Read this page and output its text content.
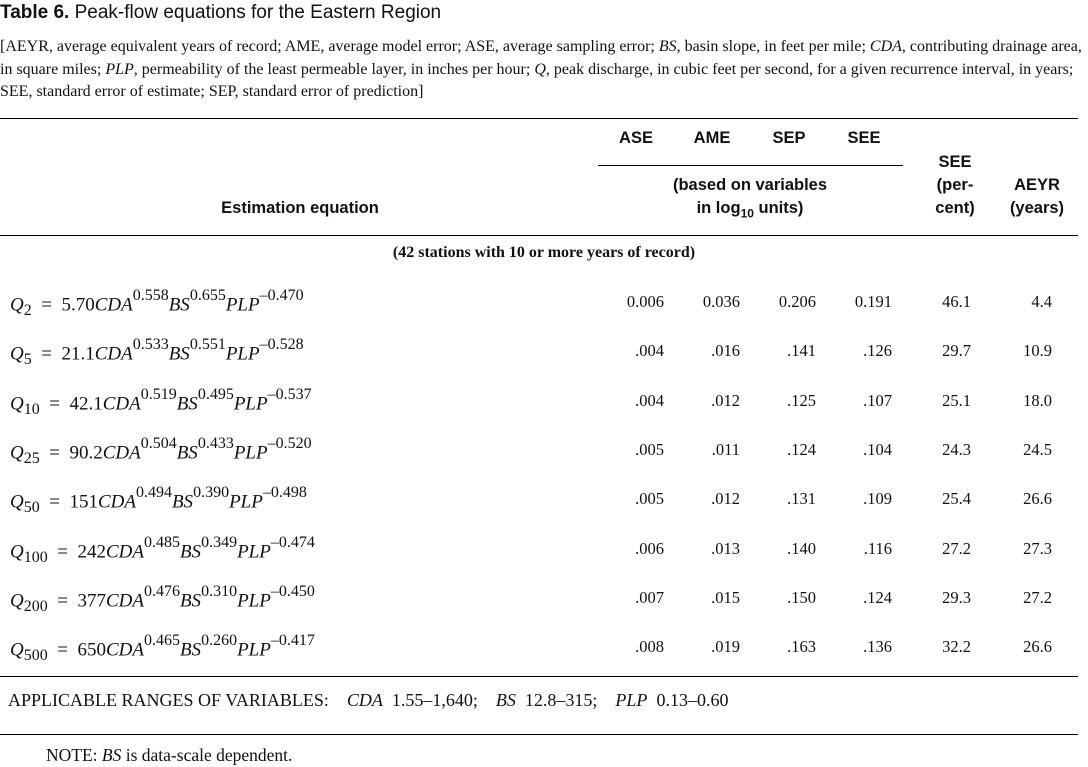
Table 6. Peak-flow equations for the Eastern Region
[AEYR, average equivalent years of record; AME, average model error; ASE, average sampling error; BS, basin slope, in feet per mile; CDA, contributing drainage area, in square miles; PLP, permeability of the least permeable layer, in inches per hour; Q, peak discharge, in cubic feet per second, for a given recurrence interval, in years; SEE, standard error of estimate; SEP, standard error of prediction]
Estimation equation
ASE	AME	SEP	SEE
(based on variables
in $\log_{10}$ units)
SEE
(per-
cent)
AEYR
(years)
(42 stations with 10 or more years of record)
$Q_2 = 5.70CDA^{0.558}BS^{0.655}PLP^{-0.470}$	0.006 0.036 0.206 0.191	46.1	4.4
$Q_5 = 21.1CDA^{0.533}BS^{0.551}PLP^{-0.528}$	.004	.016	.141	.126	29.7	10.9
$Q_{10} = 42.1CDA^{0.519}BS^{0.495}PLP^{-0.537}$	.004	.012	.125	.107	25.1	18.0
$Q_{25} = 90.2CDA^{0.504}BS^{0.433}PLP^{-0.520}$	.005	.011	.124	.104	24.3	24.5
$Q_{50} = 151CDA^{0.494}BS^{0.390}PLP^{-0.498}$	.005	.012	.131	.109	25.4	26.6
$Q_{100} = 242CDA^{0.485}BS^{0.349}PLP^{-0.474}$	.006	.013	.140	.116	27.2	27.3
$Q_{200} = 377CDA^{0.476}BS^{0.310}PLP^{-0.450}$	.007	.015	.150	.124	29.3	27.2
$Q_{500} = 650CDA^{0.465}BS^{0.260}PLP^{-0.417}$	.008	.019	.163	.136	32.2	26.6
APPLICABLE RANGES OF VARIABLES: CDA 1.55–1,640; BS 12.8–315; PLP 0.13–0.60
NOTE: BS is data-scale dependent.
